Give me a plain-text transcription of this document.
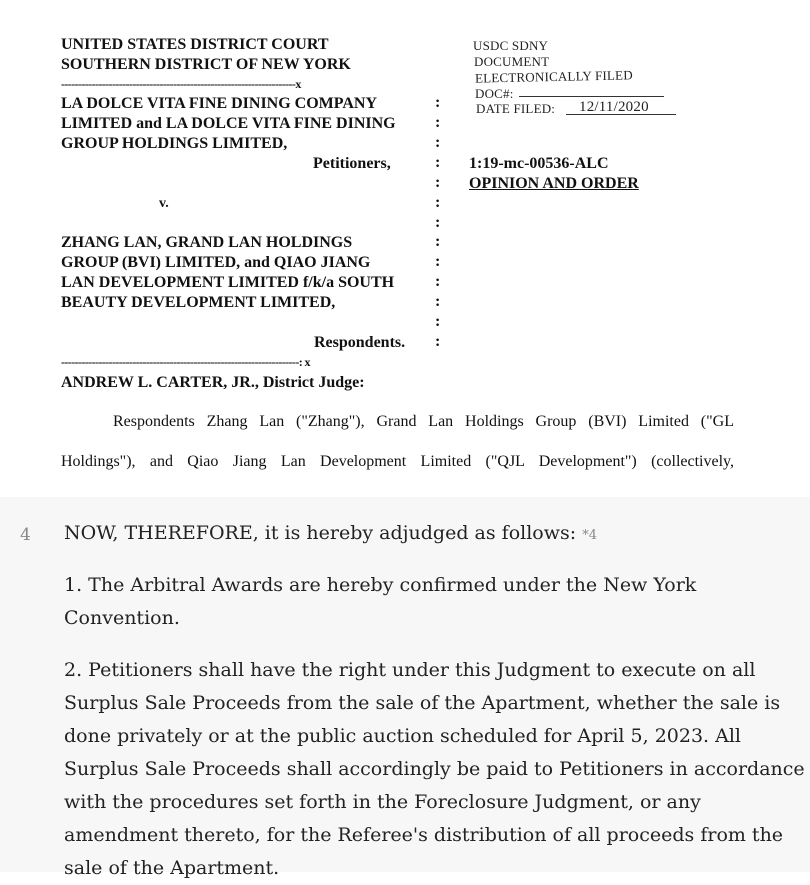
UNITED STATES DISTRICT COURT
SOUTHERN DISTRICT OF NEW YORK
USDC SDNY
DOCUMENT
ELECTRONICALLY FILED
DOC#:
DATE FILED: 12/11/2020
---------------------------------------------------------------------x
LA DOLCE VITA FINE DINING COMPANY
LIMITED and LA DOLCE VITA FINE DINING
GROUP HOLDINGS LIMITED,
Petitioners,
v.
ZHANG LAN, GRAND LAN HOLDINGS
GROUP (BVI) LIMITED, and QIAO JIANG
LAN DEVELOPMENT LIMITED f/k/a SOUTH
BEAUTY DEVELOPMENT LIMITED,
Respondents.
:
:
:
:
:
:
:
:
:
:
:
:
:
1:19-mc-00536-ALC
OPINION AND ORDER
----------------------------------------------------------------------: x
ANDREW L. CARTER, JR., District Judge:
Respondents Zhang Lan ("Zhang"), Grand Lan Holdings Group (BVI) Limited ("GL
Holdings"), and Qiao Jiang Lan Development Limited ("QJL Development") (collectively,
4 NOW, THEREFORE, it is hereby adjudged as follows: *4

1. The Arbitral Awards are hereby confirmed under the New York

Convention.

2. Petitioners shall have the right under this Judgment to execute on all

Surplus Sale Proceeds from the sale of the Apartment, whether the sale is

done privately or at the public auction scheduled for April 5, 2023. All

Surplus Sale Proceeds shall accordingly be paid to Petitioners in accordance

with the procedures set forth in the Foreclosure Judgment, or any

amendment thereto, for the Referee's distribution of all proceeds from the

sale of the Apartment.
